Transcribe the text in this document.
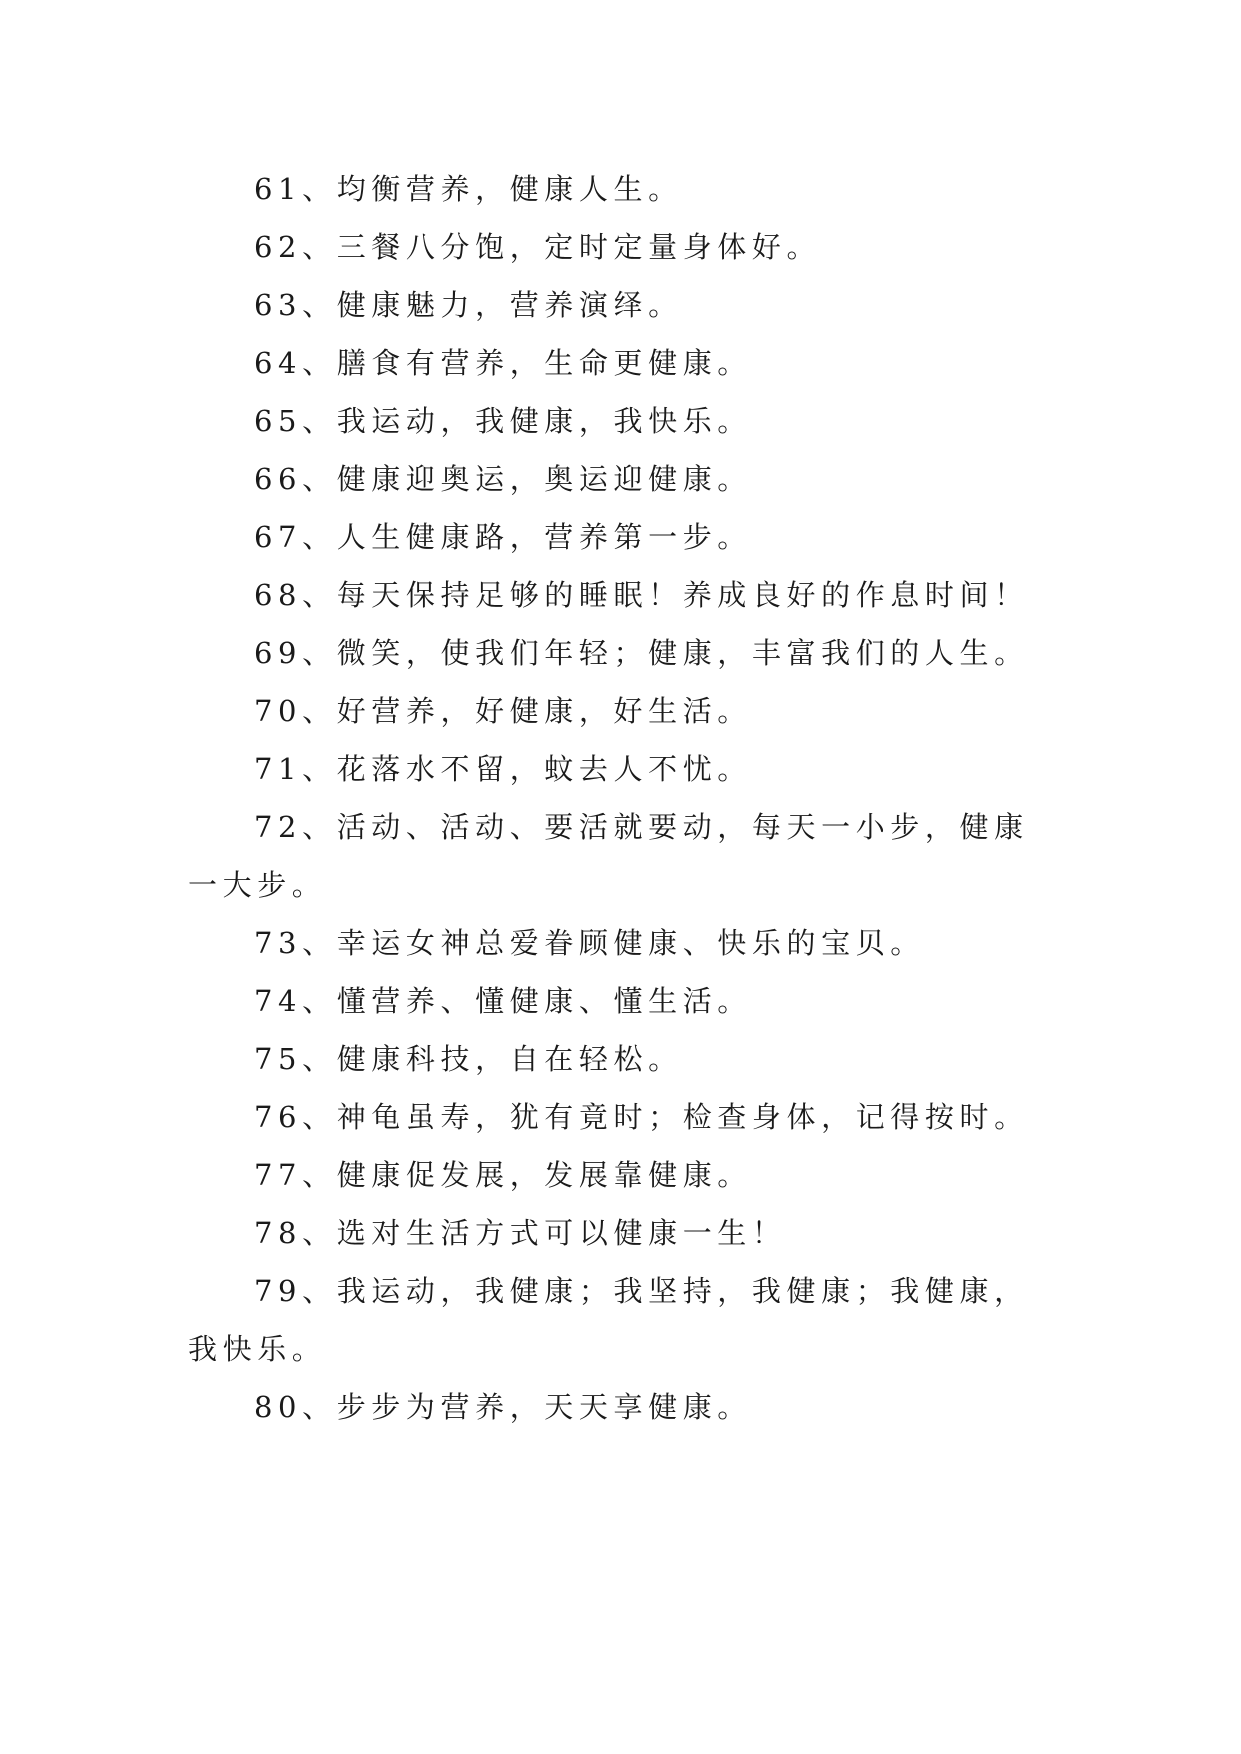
61、均衡营养，健康人生。

62、三餐八分饱，定时定量身体好。

63、健康魅力，营养演绎。

64、膳食有营养，生命更健康。

65、我运动，我健康，我快乐。

66、健康迎奥运，奥运迎健康。

67、人生健康路，营养第一步。

68、每天保持足够的睡眠！养成良好的作息时间！

69、微笑，使我们年轻；健康，丰富我们的人生。

70、好营养，好健康，好生活。

71、花落水不留，蚊去人不忧。

72、活动、活动、要活就要动，每天一小步，健康一大步。

73、幸运女神总爱眷顾健康、快乐的宝贝。

74、懂营养、懂健康、懂生活。

75、健康科技，自在轻松。

76、神龟虽寿，犹有竟时；检查身体，记得按时。

77、健康促发展，发展靠健康。

78、选对生活方式可以健康一生！

79、我运动，我健康；我坚持，我健康；我健康，我快乐。

80、步步为营养，天天享健康。
